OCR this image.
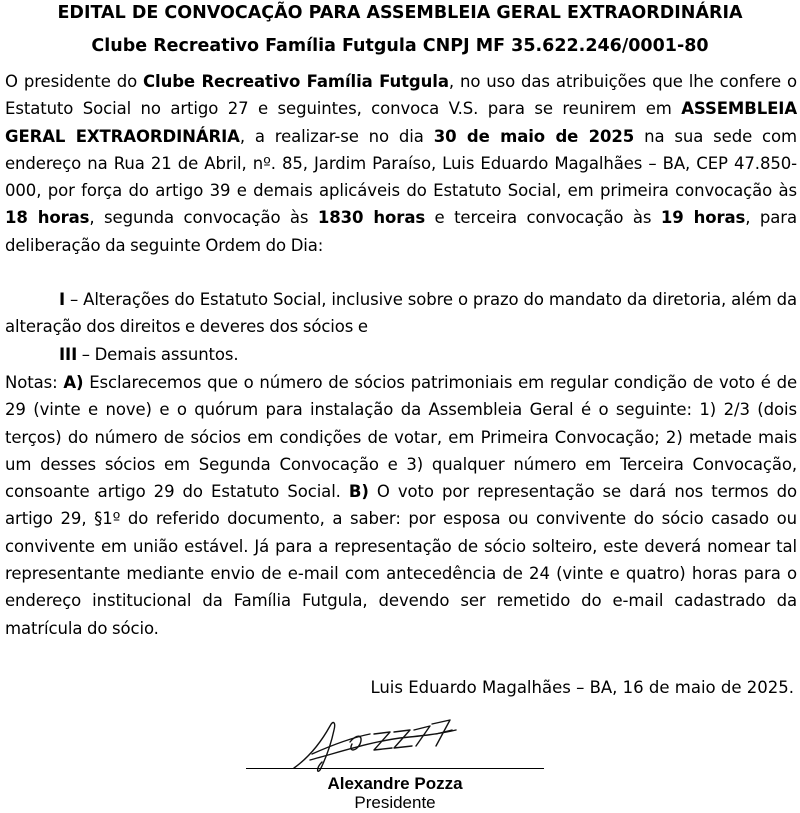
EDITAL DE CONVOCAÇÃO PARA ASSEMBLEIA GERAL EXTRAORDINÁRIA
Clube Recreativo Família Futgula CNPJ MF 35.622.246/0001-80
O presidente do Clube Recreativo Família Futgula, no uso das atribuições que lhe confere o Estatuto Social no artigo 27 e seguintes, convoca V.S. para se reunirem em ASSEMBLEIA GERAL EXTRAORDINÁRIA, a realizar-se no dia 30 de maio de 2025 na sua sede com endereço na Rua 21 de Abril, nº. 85, Jardim Paraíso, Luis Eduardo Magalhães – BA, CEP 47.850-000, por força do artigo 39 e demais aplicáveis do Estatuto Social, em primeira convocação às 18 horas, segunda convocação às 1830 horas e terceira convocação às 19 horas, para deliberação da seguinte Ordem do Dia:
I – Alterações do Estatuto Social, inclusive sobre o prazo do mandato da diretoria, além da alteração dos direitos e deveres dos sócios e
III – Demais assuntos.
Notas: A) Esclarecemos que o número de sócios patrimoniais em regular condição de voto é de 29 (vinte e nove) e o quórum para instalação da Assembleia Geral é o seguinte: 1) 2/3 (dois terços) do número de sócios em condições de votar, em Primeira Convocação; 2) metade mais um desses sócios em Segunda Convocação e 3) qualquer número em Terceira Convocação, consoante artigo 29 do Estatuto Social. B) O voto por representação se dará nos termos do artigo 29, §1º do referido documento, a saber: por esposa ou convivente do sócio casado ou convivente em união estável. Já para a representação de sócio solteiro, este deverá nomear tal representante mediante envio de e-mail com antecedência de 24 (vinte e quatro) horas para o endereço institucional da Família Futgula, devendo ser remetido do e-mail cadastrado da matrícula do sócio.
Luis Eduardo Magalhães – BA, 16 de maio de 2025.
Alexandre Pozza
Presidente
